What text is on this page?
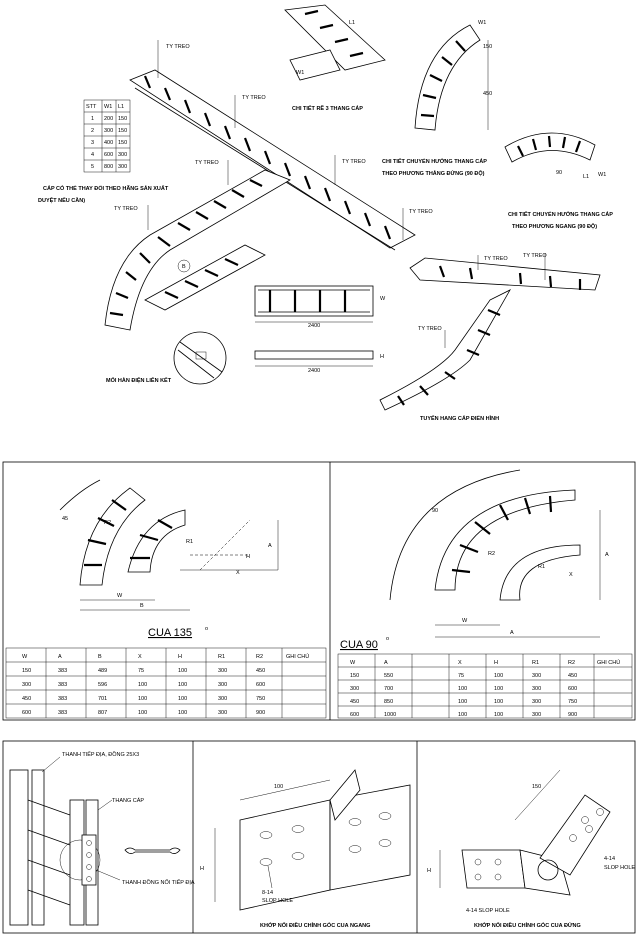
B
2400
W
2400
H
MỐI HÀN ĐIỆN LIÊN KẾT
L1
W1
CHI TIẾT RẼ 3 THANG CÁP
W1
150
450
CHI TIẾT CHUYỂN HƯỚNG THANG CÁP
THEO PHƯƠNG THẲNG ĐỨNG (90 ĐỘ)	90
L1 W1
CHI TIẾT CHUYỂN HƯỚNG THANG CÁP
THEO PHƯƠNG NGANG (90 ĐỘ)
TUYẾN HANG CÁP ĐIỂN HÌNH
TY TREO
TY TREO
TY TREO	TY TREO
TY TREO	TY TREO
TY TREO	TY TREO
TY TREO
CÁP CÓ THỂ THAY ĐỔI THEO HÃNG SẢN XUẤT
DUYỆT NẾU CẦN)
STT W1 L1
1 200 150
2 300 150
3 400 150
4 600 300
5 800 300
45
R2
R1
A
H
X
W
B
CUA 135 o
W	A	B	X	H	R1	R2	GHI CHÚ
150	383	489	75	100	300	450
300	383	596	100	100	300	600
450	383	701	100	100	300	750
600	383	807	100	100	300	900
90
R2
R1
X
A
W
A
CUA 90 o
W	A	X	H	R1	R2	GHI CHÚ
150	550	75	100	300	450
300	700	100	100	300	600
450	850	100	100	300	750
600	1000	100	100	300	900
THANH TIẾP ĐỊA, ĐỒNG 25X3
THANG CÁP
THANH ĐỒNG NỐI TIẾP ĐỊA
H
100
8-14
SLOP HOLE
KHỚP NỐI ĐIỀU CHỈNH GÓC CUA NGANG
150
H
4-14
SLOP HOLE
4-14 SLOP HOLE
KHỚP NỐI ĐIỀU CHỈNH GÓC CUA ĐỨNG
